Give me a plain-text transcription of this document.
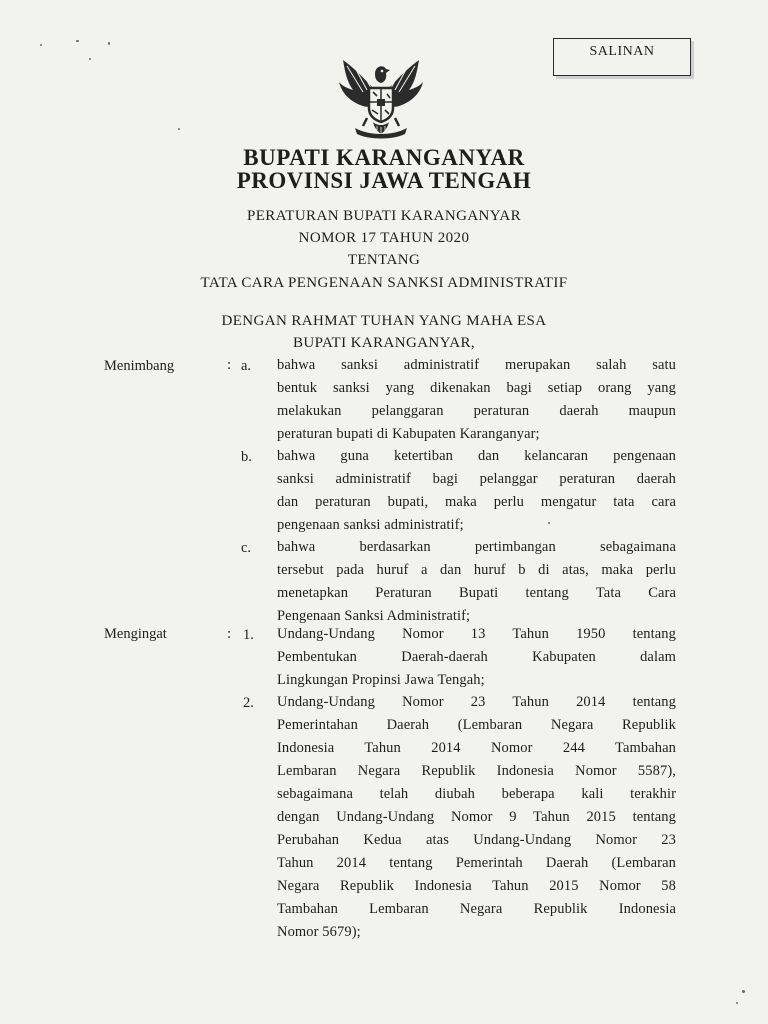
SALINAN
BUPATI KARANGANYAR
PROVINSI JAWA TENGAH
PERATURAN BUPATI KARANGANYAR
NOMOR 17 TAHUN 2020
TENTANG
TATA CARA PENGENAAN SANKSI ADMINISTRATIF
DENGAN RAHMAT TUHAN YANG MAHA ESA
BUPATI KARANGANYAR,
Menimbang	: a. bahwa sanksi administratif merupakan salah satu
bentuk sanksi yang dikenakan bagi setiap orang yang
melakukan pelanggaran peraturan daerah maupun
peraturan bupati di Kabupaten Karanganyar;
b. bahwa guna ketertiban dan kelancaran pengenaan
sanksi administratif bagi pelanggar peraturan daerah
dan peraturan bupati, maka perlu mengatur tata cara
pengenaan sanksi administratif;
c. bahwa berdasarkan pertimbangan sebagaimana
tersebut pada huruf a dan huruf b di atas, maka perlu
menetapkan Peraturan Bupati tentang Tata Cara
Pengenaan Sanksi Administratif;
Mengingat	: 1. Undang-Undang Nomor 13 Tahun 1950 tentang
Pembentukan Daerah-daerah Kabupaten dalam
Lingkungan Propinsi Jawa Tengah;
2. Undang-Undang Nomor 23 Tahun 2014 tentang
Pemerintahan Daerah (Lembaran Negara Republik
Indonesia Tahun 2014 Nomor 244 Tambahan
Lembaran Negara Republik Indonesia Nomor 5587),
sebagaimana telah diubah beberapa kali terakhir
dengan Undang-Undang Nomor 9 Tahun 2015 tentang
Perubahan Kedua atas Undang-Undang Nomor 23
Tahun 2014 tentang Pemerintah Daerah (Lembaran
Negara Republik Indonesia Tahun 2015 Nomor 58
Tambahan Lembaran Negara Republik Indonesia
Nomor 5679);
